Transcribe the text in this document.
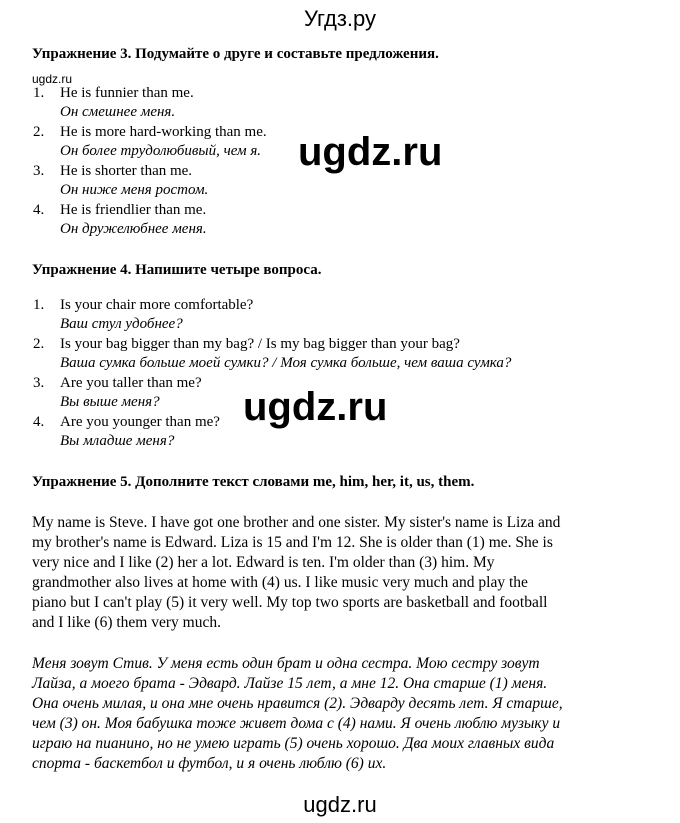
Угдз.ру
Упражнение 3. Подумайте о друге и составьте предложения.
ugdz.ru
1. He is funnier than me.
Он смешнее меня.
2. He is more hard-working than me.
Он более трудолюбивый, чем я.
3. He is shorter than me.
Он ниже меня ростом.
4. He is friendlier than me.
Он дружелюбнее меня.
ugdz.ru
Упражнение 4. Напишите четыре вопроса.
1. Is your chair more comfortable?
Ваш стул удобнее?
2. Is your bag bigger than my bag? / Is my bag bigger than your bag?
Ваша сумка больше моей сумки? / Моя сумка больше, чем ваша сумка?
3. Are you taller than me?
Вы выше меня?
4. Are you younger than me?
Вы младше меня?
ugdz.ru
Упражнение 5. Дополните текст словами me, him, her, it, us, them.
My name is Steve. I have got one brother and one sister. My sister's name is Liza and
my brother's name is Edward. Liza is 15 and I'm 12. She is older than (1) me. She is
very nice and I like (2) her a lot. Edward is ten. I'm older than (3) him. My
grandmother also lives at home with (4) us. I like music very much and play the
piano but I can't play (5) it very well. My top two sports are basketball and football
and I like (6) them very much.
Меня зовут Стив. У меня есть один брат и одна сестра. Мою сестру зовут
Лайза, а моего брата - Эдвард. Лайзе 15 лет, а мне 12. Она старше (1) меня.
Она очень милая, и она мне очень нравится (2). Эдварду десять лет. Я старше,
чем (3) он. Моя бабушка тоже живет дома с (4) нами. Я очень люблю музыку и
играю на пианино, но не умею играть (5) очень хорошо. Два моих главных вида
спорта - баскетбол и футбол, и я очень люблю (6) их.
ugdz.ru
